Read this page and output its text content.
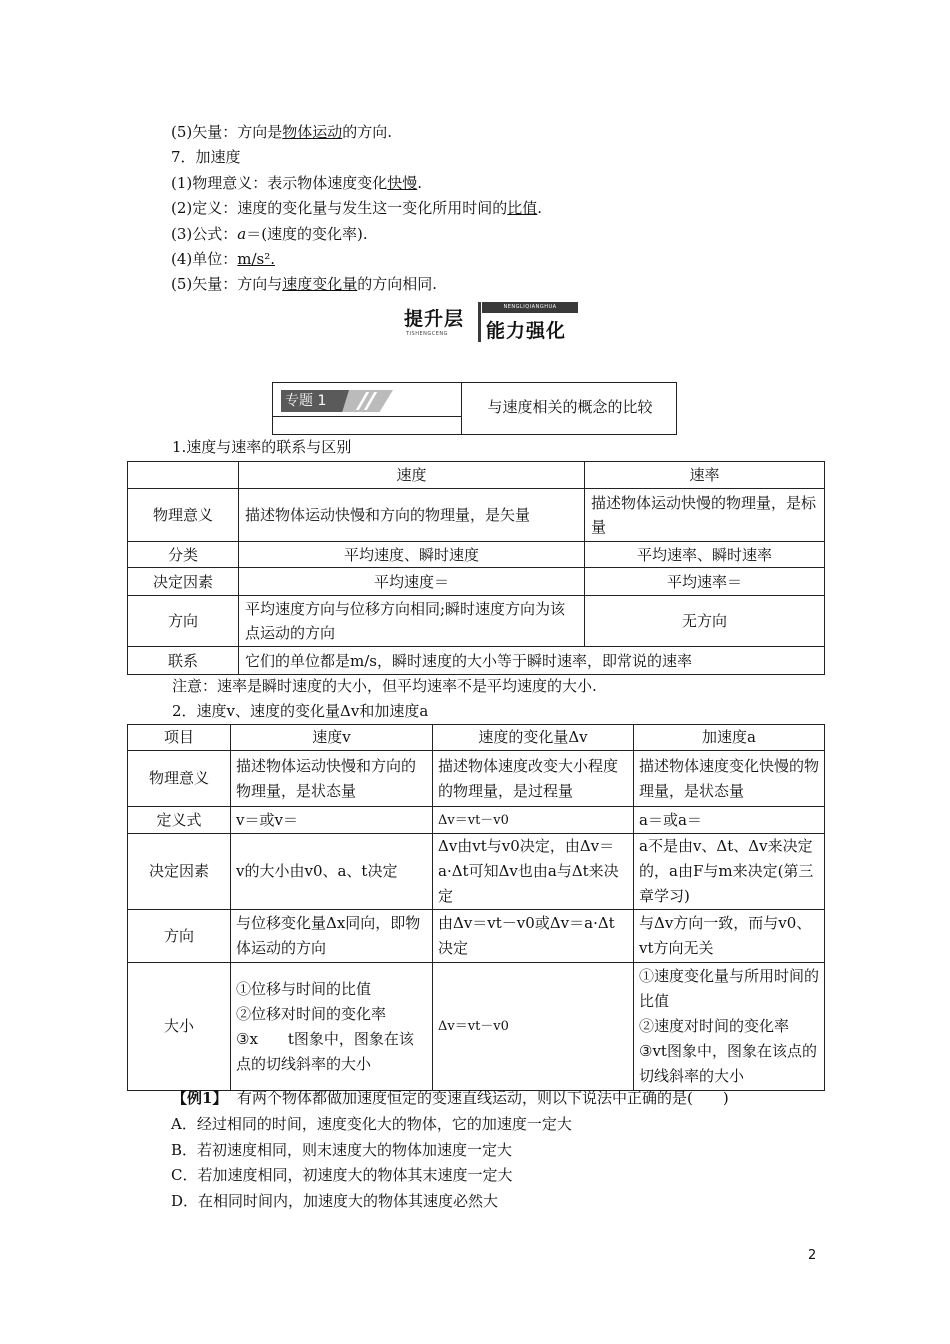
(5)矢量：方向是物体运动的方向.
7．加速度
(1)物理意义：表示物体速度变化快慢.
(2)定义：速度的变化量与发生这一变化所用时间的比值.
(3)公式：a＝(速度的变化率).
(4)单位：m/s².
(5)矢量：方向与速度变化量的方向相同.
提升层
TISHENGCENG
NENGLIQIANGHUA
能力强化
专题 1	与速度相关的概念的比较
1.速度与速率的联系与区别
	速度	速率
物理意义	描述物体运动快慢和方向的物理量，是矢量	描述物体运动快慢的物理量，是标量
分类	平均速度、瞬时速度	平均速率、瞬时速率
决定因素	平均速度＝	平均速率＝
方向	平均速度方向与位移方向相同;瞬时速度方向为该点运动的方向	无方向
联系	它们的单位都是m/s，瞬时速度的大小等于瞬时速率，即常说的速率	
注意：速率是瞬时速度的大小，但平均速率不是平均速度的大小.
2．速度v、速度的变化量Δv和加速度a
项目	速度v	速度的变化量Δv	加速度a
物理意义	描述物体运动快慢和方向的物理量，是状态量	描述物体速度改变大小程度的物理量，是过程量	描述物体速度变化快慢的物理量，是状态量
定义式	v＝或v＝	Δv＝vt－v0	a＝或a＝
决定因素	v的大小由v0、a、t决定	Δv由vt与v0决定，由Δv＝a·Δt可知Δv也由a与Δt来决定	a不是由v、Δt、Δv来决定的，a由F与m来决定(第三章学习)
方向	与位移变化量Δx同向，即物体运动的方向	由Δv＝vt－v0或Δv＝a·Δt决定	与Δv方向一致，而与v0、vt方向无关
大小	①位移与时间的比值
②位移对时间的变化率
③x　　t图象中，图象在该点的切线斜率的大小	Δv＝vt－v0	①速度变化量与所用时间的比值
②速度对时间的变化率
③vt图象中，图象在该点的切线斜率的大小
【例1】 有两个物体都做加速度恒定的变速直线运动，则以下说法中正确的是(　　)
A．经过相同的时间，速度变化大的物体，它的加速度一定大
B．若初速度相同，则末速度大的物体加速度一定大
C．若加速度相同，初速度大的物体其末速度一定大
D．在相同时间内，加速度大的物体其速度必然大
2
